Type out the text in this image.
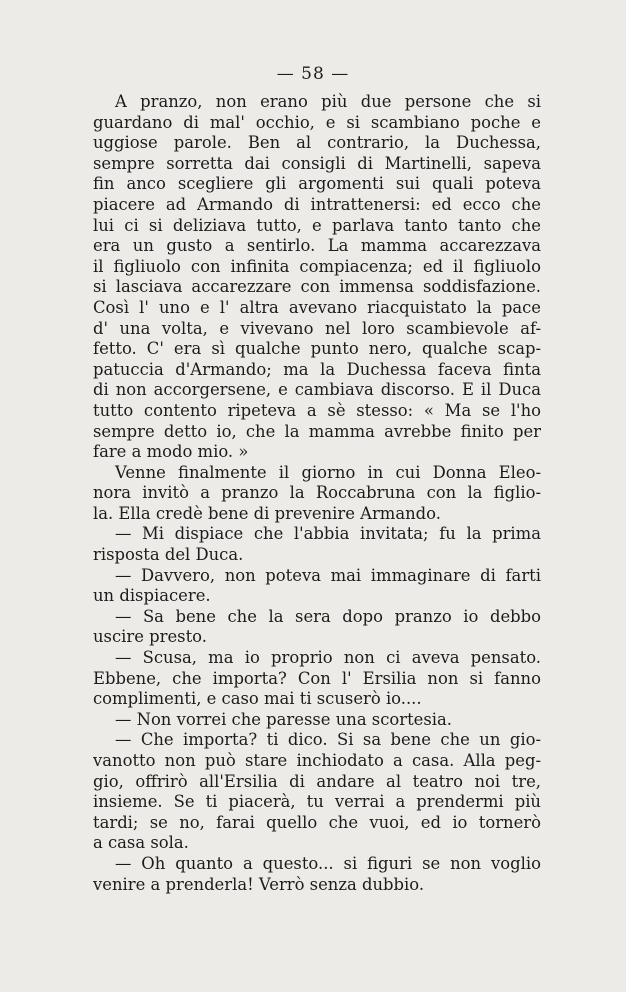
— 58 —
A pranzo, non erano più due persone che si
guardano di mal' occhio, e si scambiano poche e
uggiose parole. Ben al contrario, la Duchessa,
sempre sorretta dai consigli di Martinelli, sapeva
fin anco scegliere gli argomenti sui quali poteva
piacere ad Armando di intrattenersi: ed ecco che
lui ci si deliziava tutto, e parlava tanto tanto che
era un gusto a sentirlo. La mamma accarezzava
il figliuolo con infinita compiacenza; ed il figliuolo
si lasciava accarezzare con immensa soddisfazione.
Così l' uno e l' altra avevano riacquistato la pace
d' una volta, e vivevano nel loro scambievole af-
fetto. C' era sì qualche punto nero, qualche scap-
patuccia d'Armando; ma la Duchessa faceva finta
di non accorgersene, e cambiava discorso. E il Duca
tutto contento ripeteva a sè stesso: « Ma se l'ho
sempre detto io, che la mamma avrebbe finito per
fare a modo mio. »
Venne finalmente il giorno in cui Donna Eleo-
nora invitò a pranzo la Roccabruna con la figlio-
la. Ella credè bene di prevenire Armando.
— Mi dispiace che l'abbia invitata; fu la prima
risposta del Duca.
— Davvero, non poteva mai immaginare di farti
un dispiacere.
— Sa bene che la sera dopo pranzo io debbo
uscire presto.
— Scusa, ma io proprio non ci aveva pensato.
Ebbene, che importa? Con l' Ersilia non si fanno
complimenti, e caso mai ti scuserò io....
— Non vorrei che paresse una scortesia.
— Che importa? ti dico. Si sa bene che un gio-
vanotto non può stare inchiodato a casa. Alla peg-
gio, offrirò all'Ersilia di andare al teatro noi tre,
insieme. Se ti piacerà, tu verrai a prendermi più
tardi; se no, farai quello che vuoi, ed io tornerò
a casa sola.
— Oh quanto a questo... si figuri se non voglio
venire a prenderla! Verrò senza dubbio.
